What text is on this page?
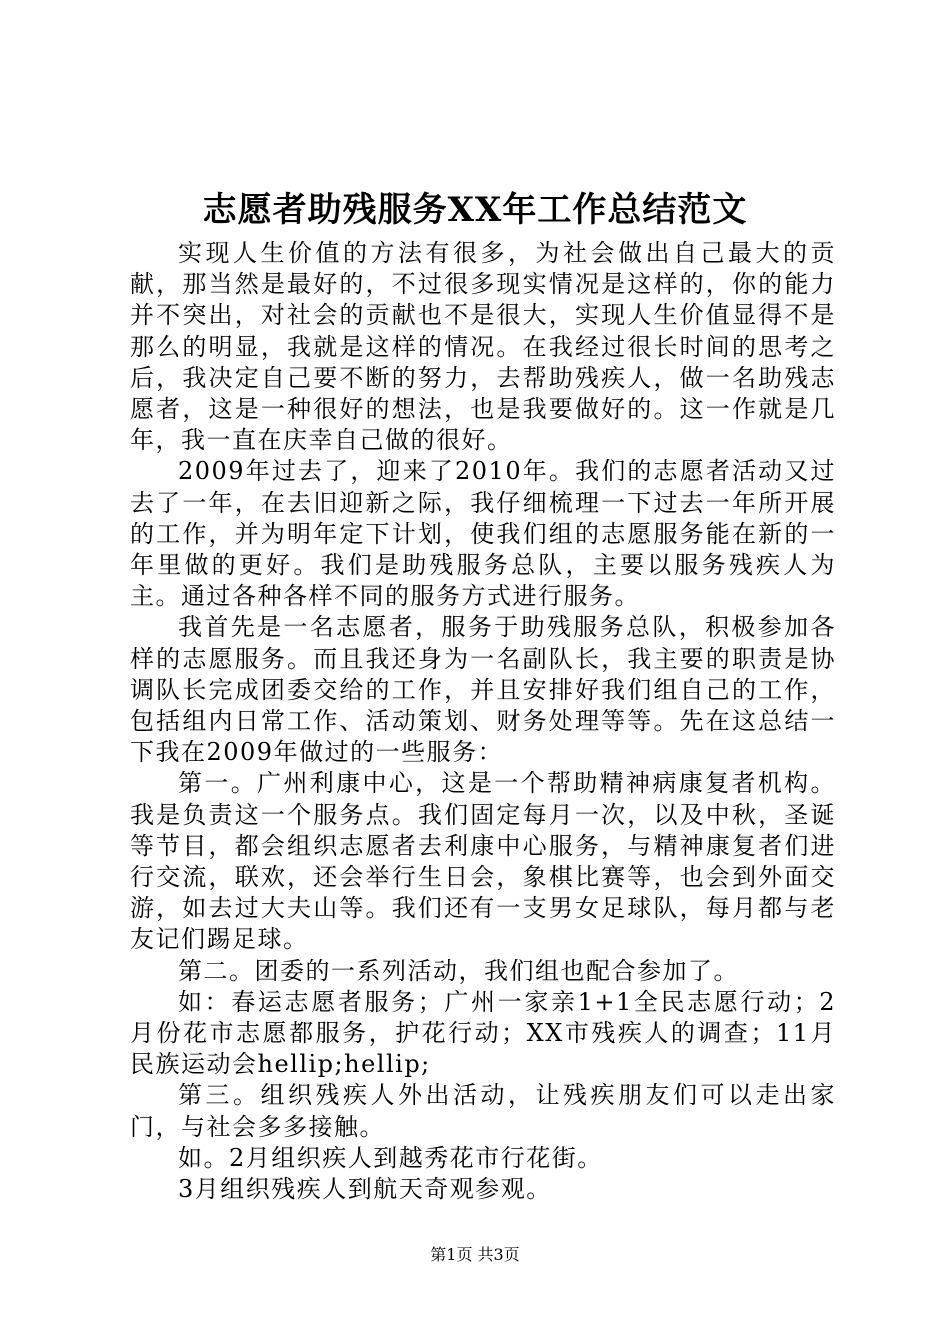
志愿者助残服务XX年工作总结范文

实现人生价值的方法有很多，为社会做出自己最大的贡献，那当然是最好的，不过很多现实情况是这样的，你的能力并不突出，对社会的贡献也不是很大，实现人生价值显得不是那么的明显，我就是这样的情况。在我经过很长时间的思考之后，我决定自己要不断的努力，去帮助残疾人，做一名助残志愿者，这是一种很好的想法，也是我要做好的。这一作就是几年，我一直在庆幸自己做的很好。

2009年过去了，迎来了2010年。我们的志愿者活动又过去了一年，在去旧迎新之际，我仔细梳理一下过去一年所开展的工作，并为明年定下计划，使我们组的志愿服务能在新的一年里做的更好。我们是助残服务总队，主要以服务残疾人为主。通过各种各样不同的服务方式进行服务。

我首先是一名志愿者，服务于助残服务总队，积极参加各样的志愿服务。而且我还身为一名副队长，我主要的职责是协调队长完成团委交给的工作，并且安排好我们组自己的工作，包括组内日常工作、活动策划、财务处理等等。先在这总结一下我在2009年做过的一些服务：

第一。广州利康中心，这是一个帮助精神病康复者机构。我是负责这一个服务点。我们固定每月一次，以及中秋，圣诞等节目，都会组织志愿者去利康中心服务，与精神康复者们进行交流，联欢，还会举行生日会，象棋比赛等，也会到外面交游，如去过大夫山等。我们还有一支男女足球队，每月都与老友记们踢足球。

第二。团委的一系列活动，我们组也配合参加了。

如：春运志愿者服务；广州一家亲1+1全民志愿行动；2月份花市志愿都服务，护花行动；XX市残疾人的调查；11月民族运动会hellip;hellip;

第三。组织残疾人外出活动，让残疾朋友们可以走出家门，与社会多多接触。

如。2月组织疾人到越秀花市行花街。

3月组织残疾人到航天奇观参观。

第1页 共3页
